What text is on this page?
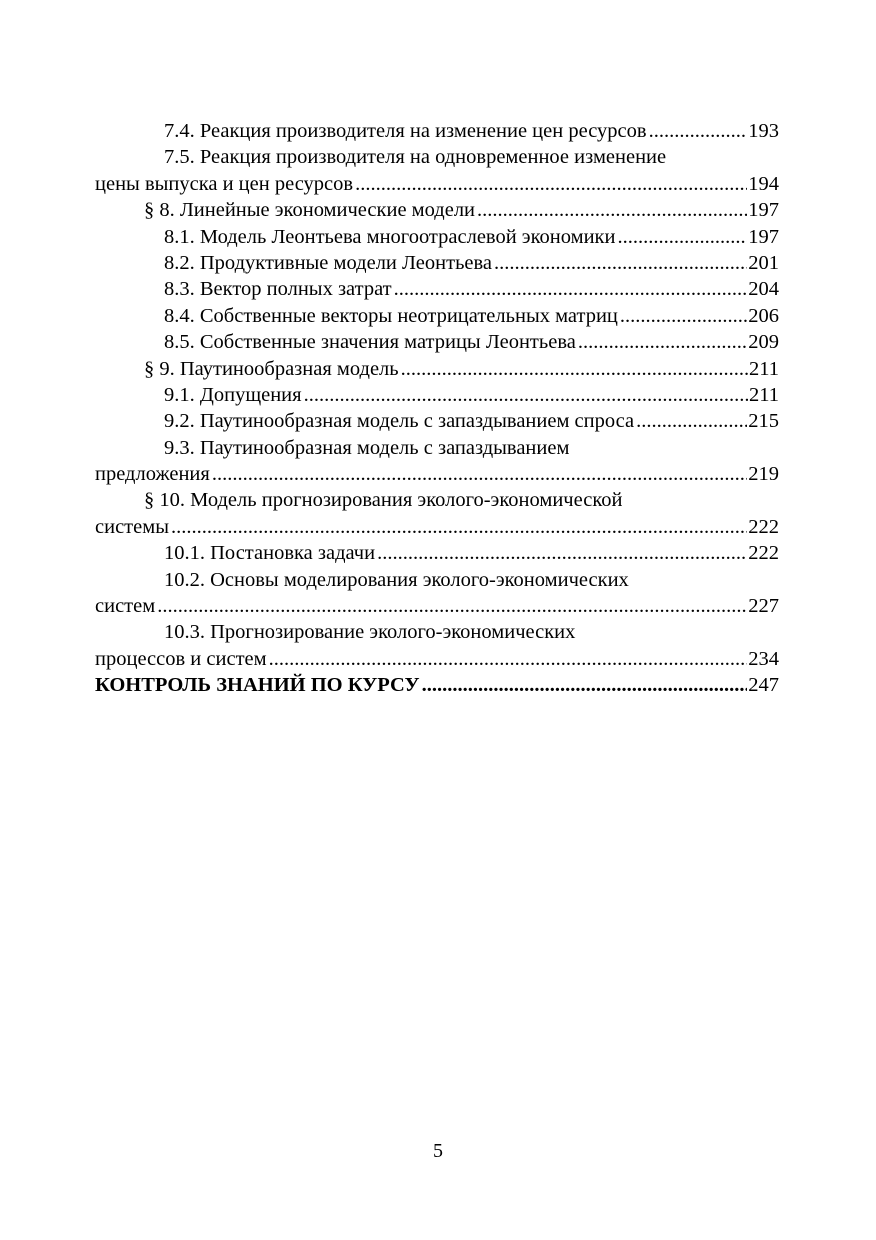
7.4. Реакция производителя на изменение цен ресурсов .....	193
7.5. Реакция производителя на одновременное изменение
цены выпуска и цен ресурсов .....	194
§ 8. Линейные экономические модели .....	197
8.1. Модель Леонтьева многоотраслевой экономики .....	197
8.2. Продуктивные модели Леонтьева .....	201
8.3. Вектор полных затрат .....	204
8.4. Собственные векторы неотрицательных матриц .....	206
8.5. Собственные значения матрицы Леонтьева .....	209
§ 9. Паутинообразная модель .....	211
9.1. Допущения .....	211
9.2. Паутинообразная модель с запаздыванием спроса .....	215
9.3. Паутинообразная модель с запаздыванием
предложения .....	219
§ 10. Модель прогнозирования эколого-экономической
системы .....	222
10.1. Постановка задачи .....	222
10.2. Основы моделирования эколого-экономических
систем .....	227
10.3. Прогнозирование эколого-экономических
процессов и систем .....	234
КОНТРОЛЬ ЗНАНИЙ ПО КУРСУ .....	247
5
